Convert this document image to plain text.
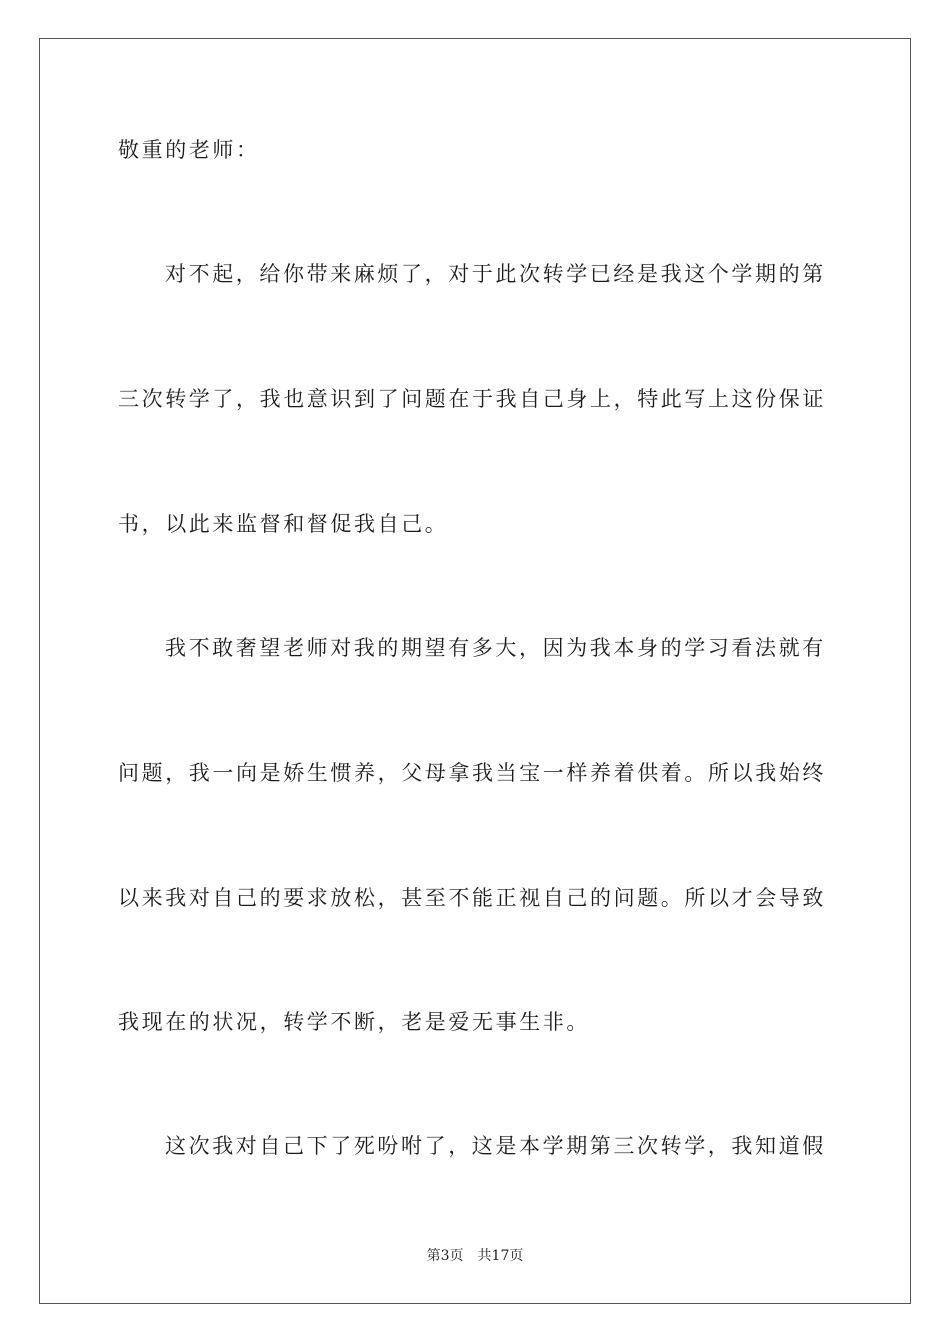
敬重的老师：
对不起，给你带来麻烦了，对于此次转学已经是我这个学期的第
三次转学了，我也意识到了问题在于我自己身上，特此写上这份保证
书，以此来监督和督促我自己。
我不敢奢望老师对我的期望有多大，因为我本身的学习看法就有
问题，我一向是娇生惯养，父母拿我当宝一样养着供着。所以我始终
以来我对自己的要求放松，甚至不能正视自己的问题。所以才会导致
我现在的状况，转学不断，老是爱无事生非。
这次我对自己下了死吩咐了，这是本学期第三次转学，我知道假
第3页 共17页
